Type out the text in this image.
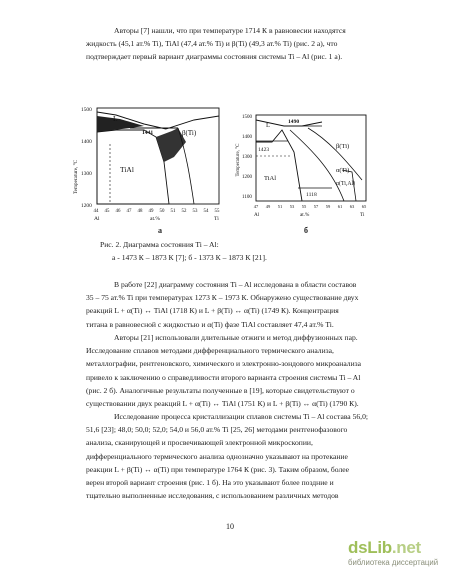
Авторы [7] нашли, что при температуре 1714 К в равновесии находятся
жидкость (45,1 ат.% Ti), TiAl (47,4 ат.% Ti) и β(Ti) (49,3 ат.% Ti) (рис. 2 а), что
подтверждает первый вариант диаграммы состояния системы Ti – Al (рис. 1 а).
Temperature, °C
1500
1400
1300
1200
L
β(Ti)
TiAl
1441
44 45 46 47 48 49 50 51 52 53 54 55
Al	at.%	Ti
а
Temperature, °C
1500
1400
1300
1200
1100
L	1490
1423	β(Ti)
α(Ti)
α(Ti,Al)
TiAl
1118
47 49 51 53 55 57 59 61 63 65
Al	at.%	Ti
б
Рис. 2. Диаграмма состояния Ti – Al:
а - 1473 К – 1873 К [7]; б - 1373 К – 1873 К [21].
В работе [22] диаграмму состояния Ti – Al исследована в области составов
35 – 75 ат.% Ti при температурах 1273 К – 1973 К. Обнаружено существование двух
реакций L + α(Ti) ↔ TiAl (1718 К) и L + β(Ti) ↔ α(Ti) (1749 К). Концентрация
титана в равновесной с жидкостью и α(Ti) фазе TiAl составляет 47,4 ат.% Ti.
Авторы [21] использовали длительные отжиги и метод диффузионных пар.
Исследование сплавов методами дифференциального термического анализа,
металлографии, рентгеновского, химического и электронно-зондового микроанализа
привело к заключению о справедливости второго варианта строения системы Ti – Al
(рис. 2 б). Аналогичные результаты полученные в [19], которые свидетельствуют о
существовании двух реакций L + α(Ti) ↔ TiAl (1751 К) и L + β(Ti) ↔ α(Ti) (1790 К).
Исследование процесса кристаллизации сплавов системы Ti – Al состава 56,0;
51,6 [23]; 48,0; 50,0; 52,0; 54,0 и 56,0 ат.% Ti [25, 26] методами рентгенофазового
анализа, сканирующей и просвечивающей электронной микроскопии,
дифференциального термического анализа однозначно указывают на протекание
реакции L + β(Ti) ↔ α(Ti) при температуре 1764 К (рис. 3). Таким образом, более
верен второй вариант строения (рис. 1 б). На это указывают более поздние и
тщательно выполненные исследования, с использованием различных методов
10
dsLib.net
библиотека диссертаций
